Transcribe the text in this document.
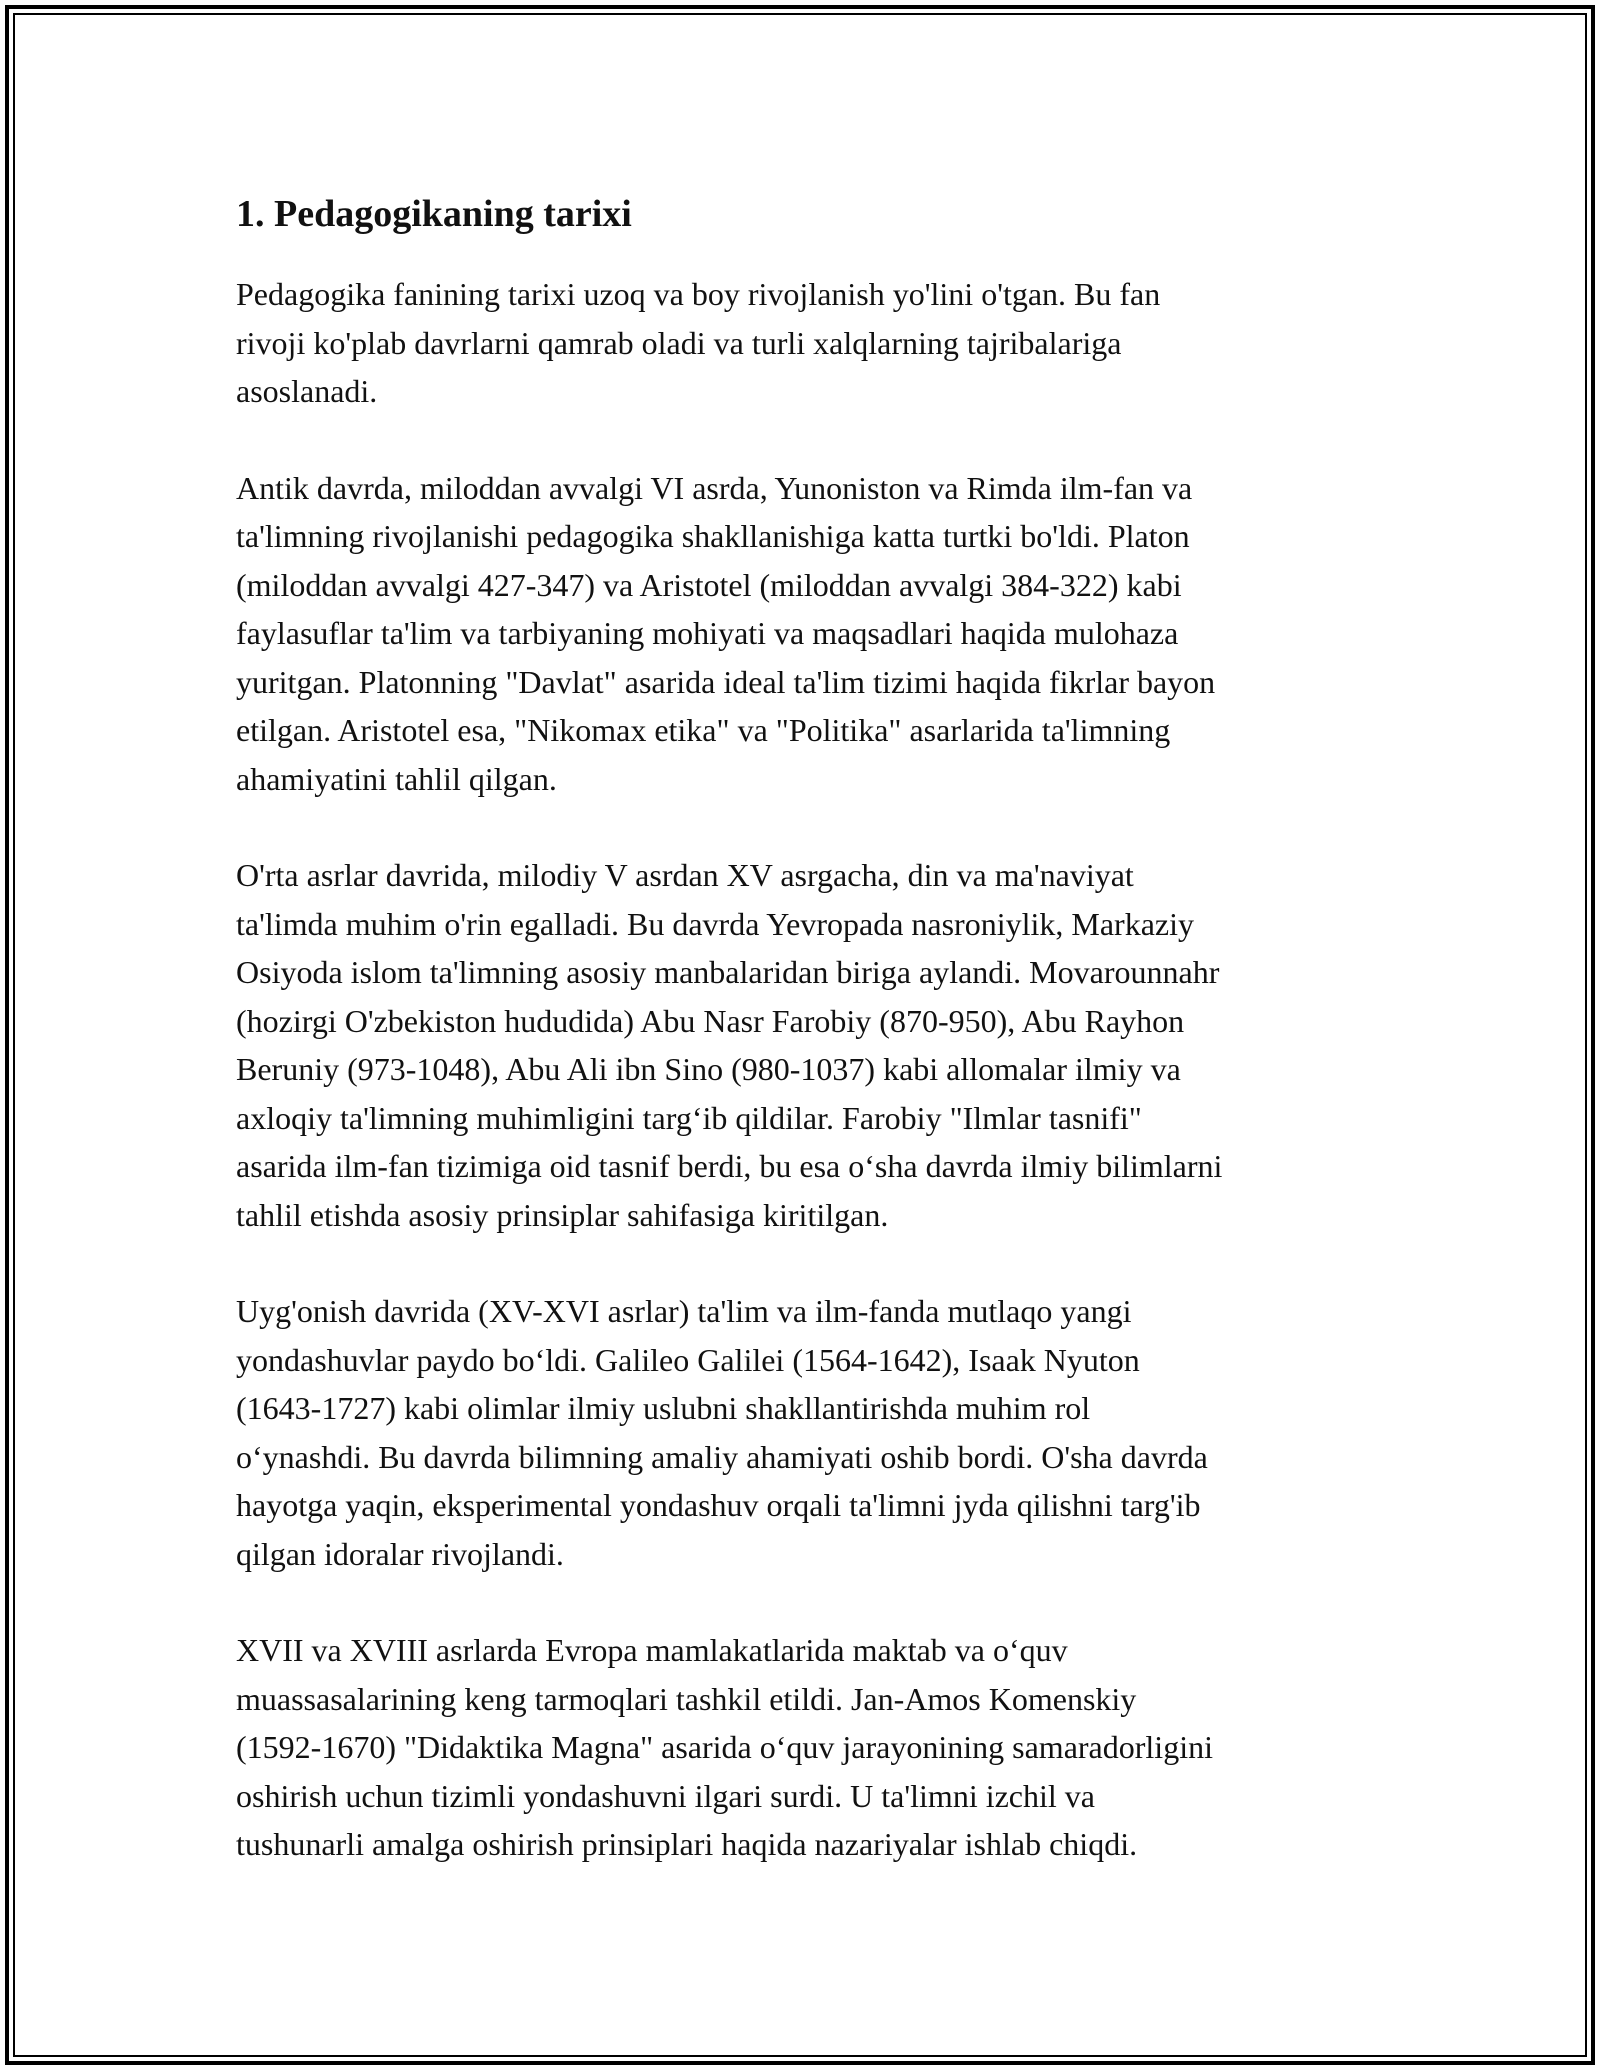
1. Pedagogikaning tarixi

Pedagogika fanining tarixi uzoq va boy rivojlanish yo'lini o'tgan. Bu fan
rivoji ko'plab davrlarni qamrab oladi va turli xalqlarning tajribalariga
asoslanadi.

Antik davrda, miloddan avvalgi VI asrda, Yunoniston va Rimda ilm-fan va
ta'limning rivojlanishi pedagogika shakllanishiga katta turtki bo'ldi. Platon
(miloddan avvalgi 427-347) va Aristotel (miloddan avvalgi 384-322) kabi
faylasuflar ta'lim va tarbiyaning mohiyati va maqsadlari haqida mulohaza
yuritgan. Platonning "Davlat" asarida ideal ta'lim tizimi haqida fikrlar bayon
etilgan. Aristotel esa, "Nikomax etika" va "Politika" asarlarida ta'limning
ahamiyatini tahlil qilgan.

O'rta asrlar davrida, milodiy V asrdan XV asrgacha, din va ma'naviyat
ta'limda muhim o'rin egalladi. Bu davrda Yevropada nasroniylik, Markaziy
Osiyoda islom ta'limning asosiy manbalaridan biriga aylandi. Movarounnahr
(hozirgi O'zbekiston hududida) Abu Nasr Farobiy (870-950), Abu Rayhon
Beruniy (973-1048), Abu Ali ibn Sino (980-1037) kabi allomalar ilmiy va
axloqiy ta'limning muhimligini targ‘ib qildilar. Farobiy "Ilmlar tasnifi"
asarida ilm-fan tizimiga oid tasnif berdi, bu esa o‘sha davrda ilmiy bilimlarni
tahlil etishda asosiy prinsiplar sahifasiga kiritilgan.

Uyg'onish davrida (XV-XVI asrlar) ta'lim va ilm-fanda mutlaqo yangi
yondashuvlar paydo bo‘ldi. Galileo Galilei (1564-1642), Isaak Nyuton
(1643-1727) kabi olimlar ilmiy uslubni shakllantirishda muhim rol
o‘ynashdi. Bu davrda bilimning amaliy ahamiyati oshib bordi. O'sha davrda
hayotga yaqin, eksperimental yondashuv orqali ta'limni jyda qilishni targ'ib
qilgan idoralar rivojlandi.

XVII va XVIII asrlarda Evropa mamlakatlarida maktab va o‘quv
muassasalarining keng tarmoqlari tashkil etildi. Jan-Amos Komenskiy
(1592-1670) "Didaktika Magna" asarida o‘quv jarayonining samaradorligini
oshirish uchun tizimli yondashuvni ilgari surdi. U ta'limni izchil va
tushunarli amalga oshirish prinsiplari haqida nazariyalar ishlab chiqdi.
